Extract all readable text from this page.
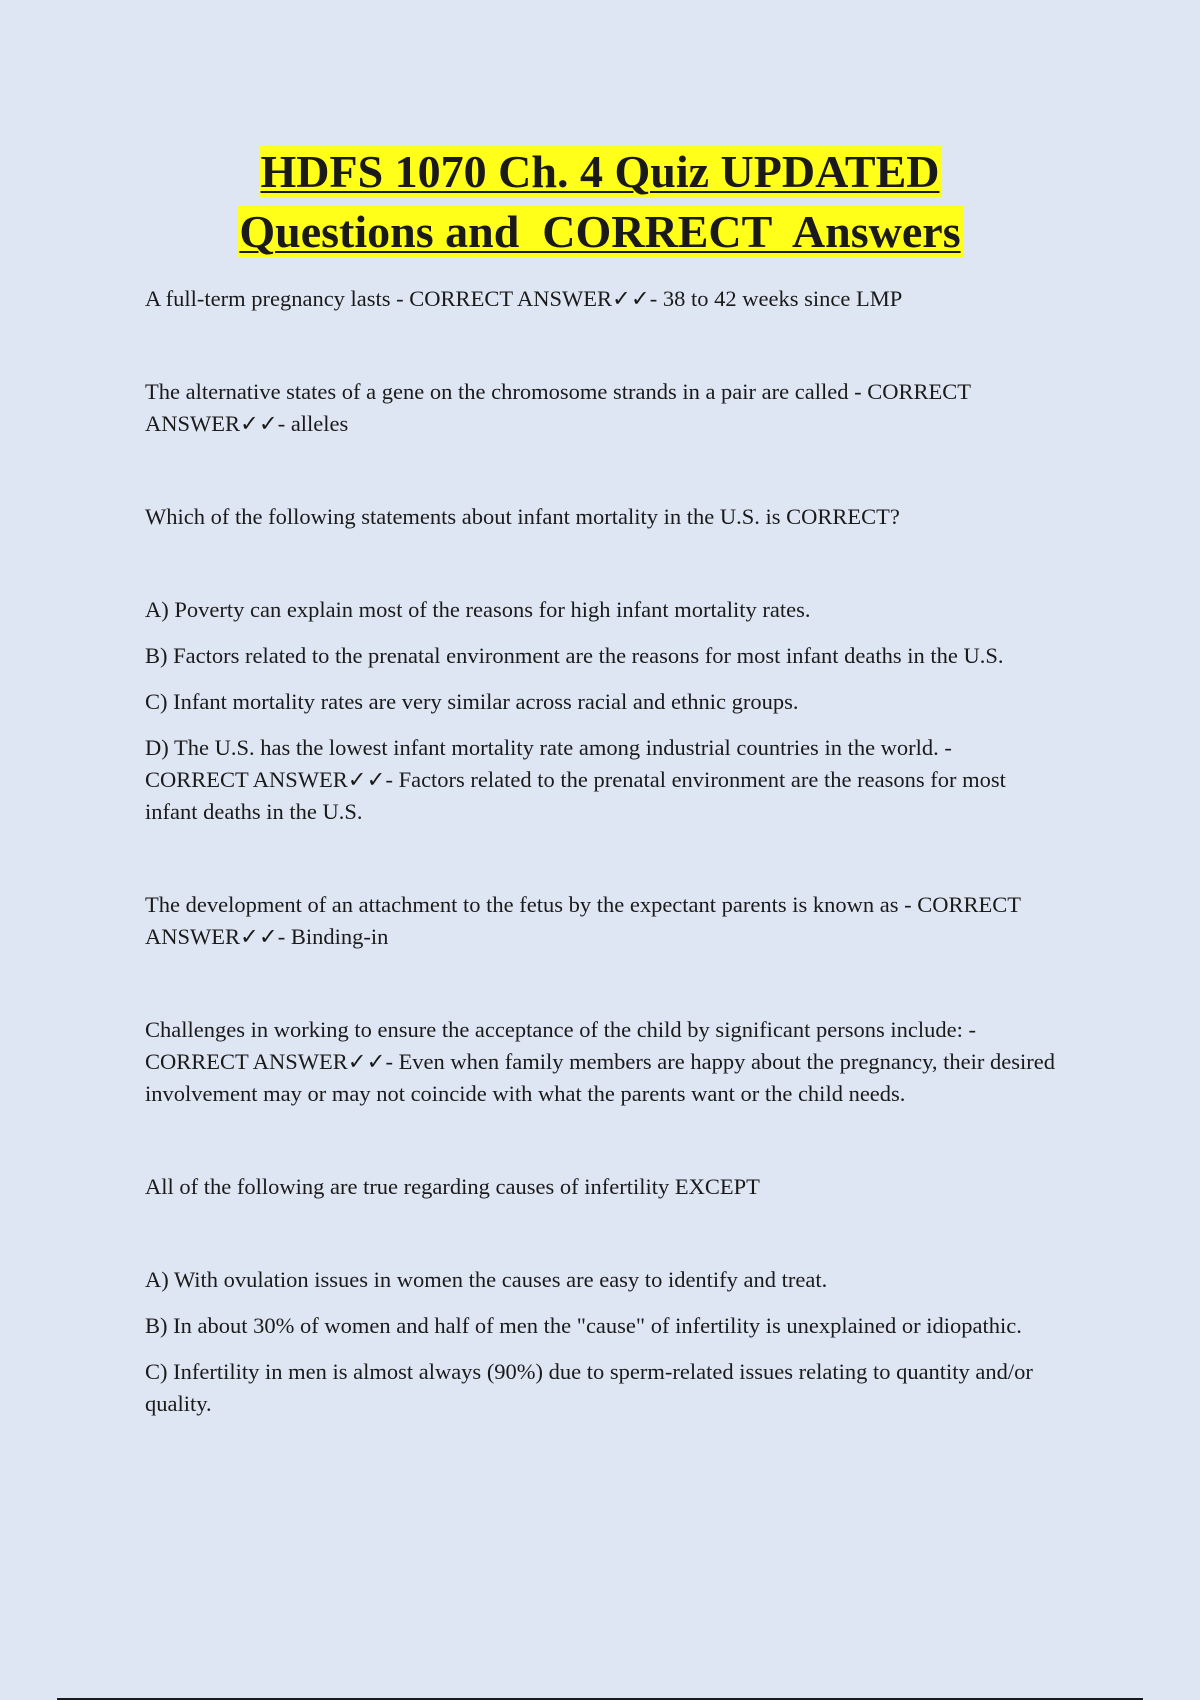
HDFS 1070 Ch. 4 Quiz UPDATED
Questions and  CORRECT  Answers

A full-term pregnancy lasts - CORRECT ANSWER✓✓- 38 to 42 weeks since LMP

The alternative states of a gene on the chromosome strands in a pair are called - CORRECT ANSWER✓✓- alleles

Which of the following statements about infant mortality in the U.S. is CORRECT?

A) Poverty can explain most of the reasons for high infant mortality rates.

B) Factors related to the prenatal environment are the reasons for most infant deaths in the U.S.

C) Infant mortality rates are very similar across racial and ethnic groups.

D) The U.S. has the lowest infant mortality rate among industrial countries in the world. - CORRECT ANSWER✓✓- Factors related to the prenatal environment are the reasons for most infant deaths in the U.S.

The development of an attachment to the fetus by the expectant parents is known as - CORRECT ANSWER✓✓- Binding-in

Challenges in working to ensure the acceptance of the child by significant persons include: - CORRECT ANSWER✓✓- Even when family members are happy about the pregnancy, their desired involvement may or may not coincide with what the parents want or the child needs.

All of the following are true regarding causes of infertility EXCEPT

A) With ovulation issues in women the causes are easy to identify and treat.

B) In about 30% of women and half of men the "cause" of infertility is unexplained or idiopathic.

C) Infertility in men is almost always (90%) due to sperm-related issues relating to quantity and/or quality.
